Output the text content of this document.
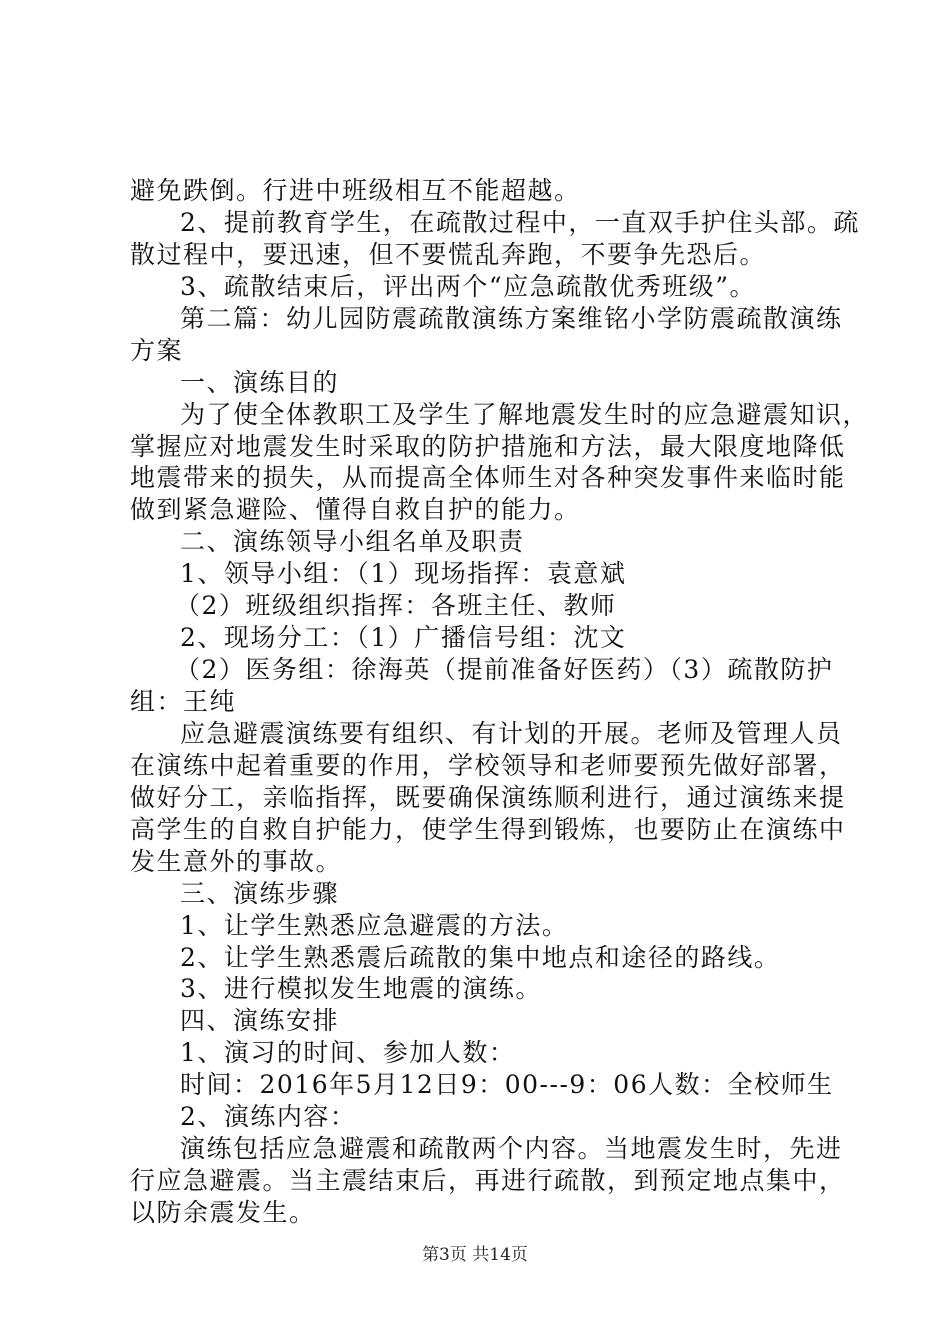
避免跌倒。行进中班级相互不能超越。
2、提前教育学生，在疏散过程中，一直双手护住头部。疏
散过程中，要迅速，但不要慌乱奔跑，不要争先恐后。
3、疏散结束后，评出两个“应急疏散优秀班级”。
第二篇：幼儿园防震疏散演练方案维铭小学防震疏散演练
方案
一、演练目的
为了使全体教职工及学生了解地震发生时的应急避震知识，
掌握应对地震发生时采取的防护措施和方法，最大限度地降低
地震带来的损失，从而提高全体师生对各种突发事件来临时能
做到紧急避险、懂得自救自护的能力。
二、演练领导小组名单及职责
1、领导小组：（1）现场指挥：袁意斌
（2）班级组织指挥：各班主任、教师
2、现场分工：（1）广播信号组：沈文
（2）医务组：徐海英（提前准备好医药）（3）疏散防护
组：王纯
应急避震演练要有组织、有计划的开展。老师及管理人员
在演练中起着重要的作用，学校领导和老师要预先做好部署，
做好分工，亲临指挥，既要确保演练顺利进行，通过演练来提
高学生的自救自护能力，使学生得到锻炼，也要防止在演练中
发生意外的事故。
三、演练步骤
1、让学生熟悉应急避震的方法。
2、让学生熟悉震后疏散的集中地点和途径的路线。
3、进行模拟发生地震的演练。
四、演练安排
1、演习的时间、参加人数：
时间：2016年5月12日9：00---9：06人数：全校师生
2、演练内容：
演练包括应急避震和疏散两个内容。当地震发生时，先进
行应急避震。当主震结束后，再进行疏散，到预定地点集中，
以防余震发生。
第3页 共14页
